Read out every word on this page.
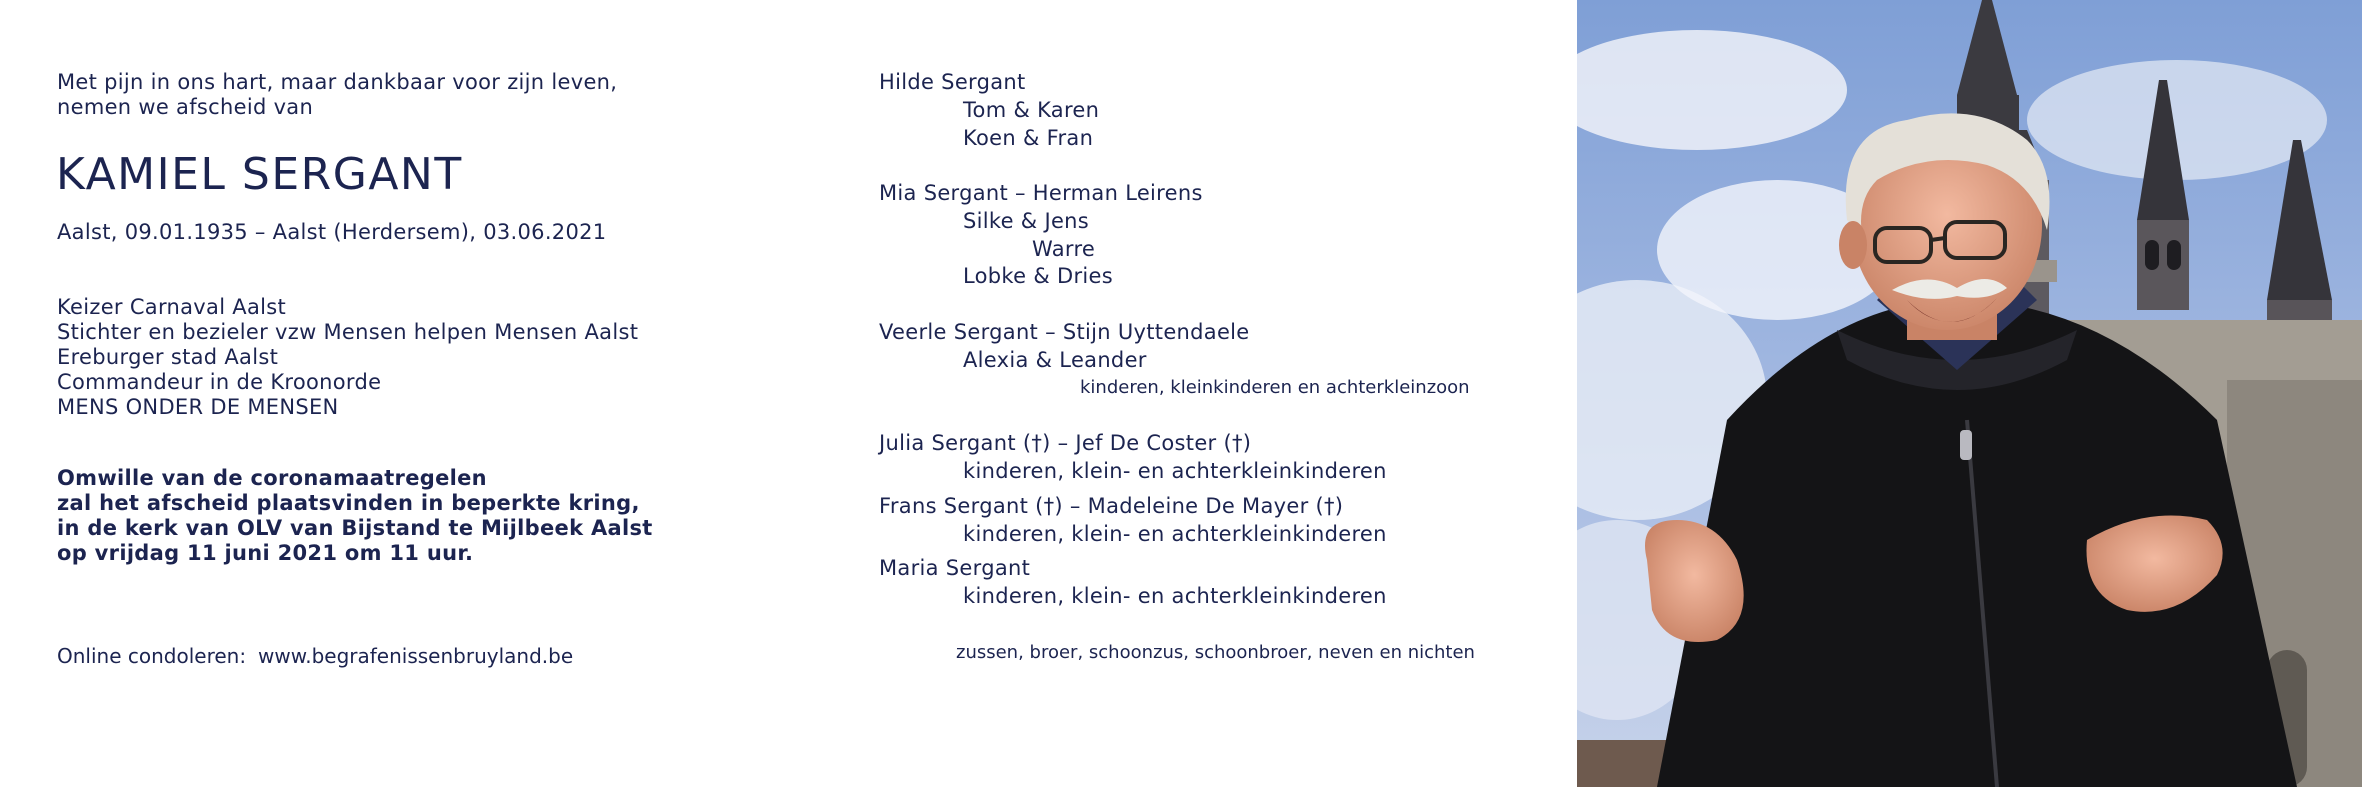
Met pijn in ons hart, maar dankbaar voor zijn leven,
nemen we afscheid van
KAMIEL SERGANT
Aalst, 09.01.1935 – Aalst (Herdersem), 03.06.2021
Keizer Carnaval Aalst
Stichter en bezieler vzw Mensen helpen Mensen Aalst
Ereburger stad Aalst
Commandeur in de Kroonorde
MENS ONDER DE MENSEN
Omwille van de coronamaatregelen
zal het afscheid plaatsvinden in beperkte kring,
in de kerk van OLV van Bijstand te Mijlbeek Aalst
op vrijdag 11 juni 2021 om 11 uur.
Online condoleren: www.begrafenissenbruyland.be
Hilde Sergant
Tom & Karen
Koen & Fran
Mia Sergant – Herman Leirens
Silke & Jens
Warre
Lobke & Dries
Veerle Sergant – Stijn Uyttendaele
Alexia & Leander
kinderen, kleinkinderen en achterkleinzoon
Julia Sergant (†) – Jef De Coster (†)
kinderen, klein- en achterkleinkinderen
Frans Sergant (†) – Madeleine De Mayer (†)
kinderen, klein- en achterkleinkinderen
Maria Sergant
kinderen, klein- en achterkleinkinderen
zussen, broer, schoonzus, schoonbroer, neven en nichten
